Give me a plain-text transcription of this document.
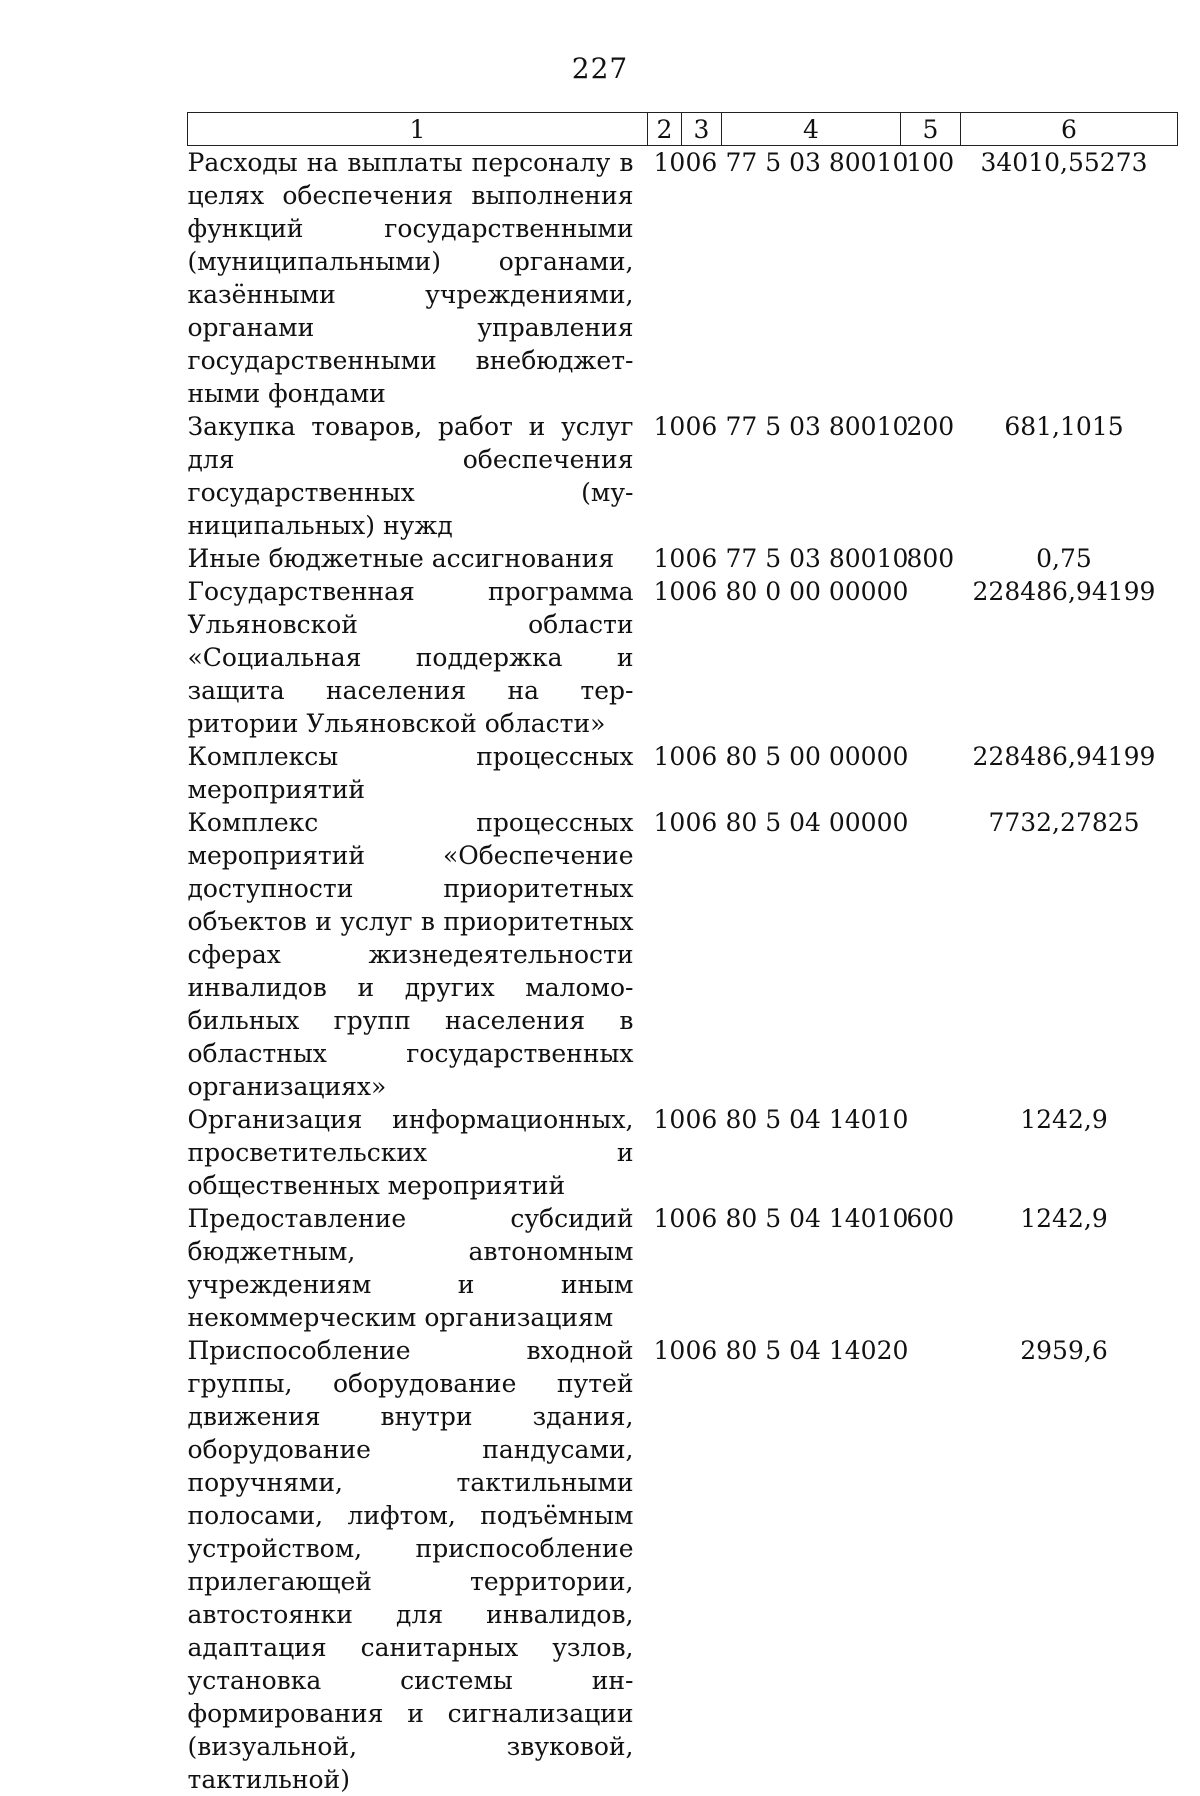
227
1	2	3	4	5	6
Расходы на выплаты персоналу в целях обеспечения выполнения функций государственными (муниципальными) органами, казёнными учреждениями, органами управления государственными внебюджетными фондами	10	06	77 5 03 80010	100	34010,55273
Закупка товаров, работ и услуг для обеспечения государственных (муниципальных) нужд	10	06	77 5 03 80010	200	681,1015
Иные бюджетные ассигнования	10	06	77 5 03 80010	800	0,75
Государственная программа Ульяновской области «Социальная поддержка и защита населения на территории Ульяновской области»	10	06	80 0 00 00000		228486,94199
Комплексы процессных мероприятий	10	06	80 5 00 00000		228486,94199
Комплекс процессных мероприятий «Обеспечение доступности приоритетных объектов и услуг в приоритетных сферах жизнедеятельности инвалидов и других маломобильных групп населения в областных государственных организациях»	10	06	80 5 04 00000		7732,27825
Организация информационных, просветительских и общественных мероприятий	10	06	80 5 04 14010		1242,9
Предоставление субсидий бюджетным, автономным учреждениям и иным некоммерческим организациям	10	06	80 5 04 14010	600	1242,9
Приспособление входной группы, оборудование путей движения внутри здания, оборудование пандусами, поручнями, тактильными полосами, лифтом, подъёмным устройством, приспособление прилегающей территории, автостоянки для инвалидов, адаптация санитарных узлов, установка системы информирования и сигнализации (визуальной, звуковой, тактильной)	10	06	80 5 04 14020		2959,6
